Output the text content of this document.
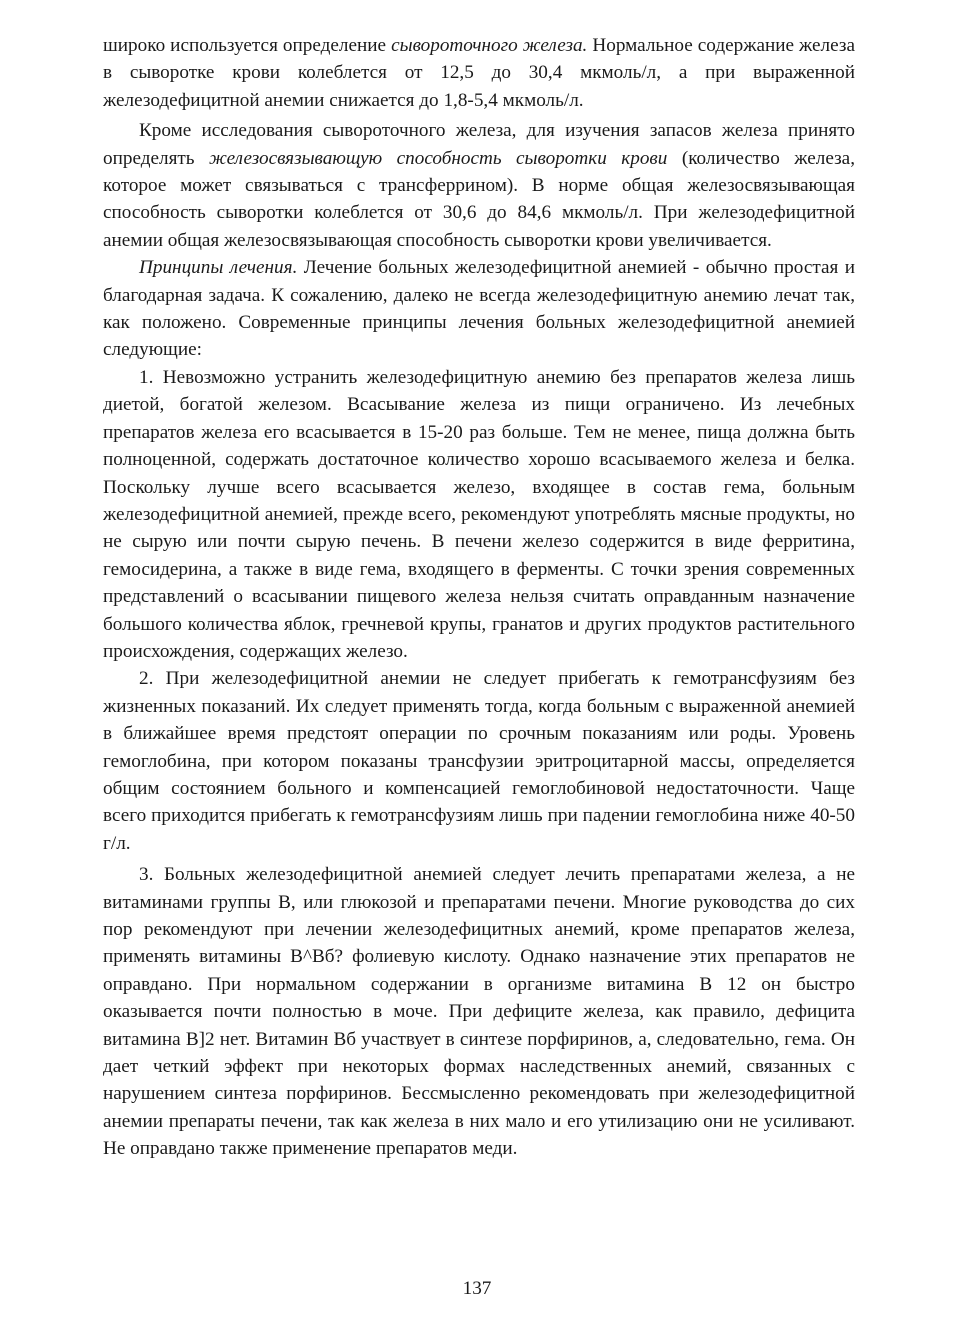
широко используется определение сывороточного железа. Нормальное содержание железа в сыворотке крови колеблется от 12,5 до 30,4 мкмоль/л, а при выраженной железодефицитной анемии снижается до 1,8-5,4 мкмоль/л.

Кроме исследования сывороточного железа, для изучения запасов железа принято определять железосвязывающую способность сыворотки крови (количество железа, которое может связываться с трансферрином). В норме общая железосвязывающая способность сыворотки колеблется от 30,6 до 84,6 мкмоль/л. При железодефицитной анемии общая железосвязывающая способность сыворотки крови увеличивается.

Принципы лечения. Лечение больных железодефицитной анемией - обычно простая и благодарная задача. К сожалению, далеко не всегда железодефицитную анемию лечат так, как положено. Современные принципы лечения больных железодефицитной анемией следующие:

1. Невозможно устранить железодефицитную анемию без препаратов железа лишь диетой, богатой железом. Всасывание железа из пищи ограничено. Из лечебных препаратов железа его всасывается в 15-20 раз больше. Тем не менее, пища должна быть полноценной, содержать достаточное количество хорошо всасываемого железа и белка. Поскольку лучше всего всасывается железо, входящее в состав гема, больным железодефицитной анемией, прежде всего, рекомендуют употреблять мясные продукты, но не сырую или почти сырую печень. В печени железо содержится в виде ферритина, гемосидерина, а также в виде гема, входящего в ферменты. С точки зрения современных представлений о всасывании пищевого железа нельзя считать оправданным назначение большого количества яблок, гречневой крупы, гранатов и других продуктов растительного происхождения, содержащих железо.

2. При железодефицитной анемии не следует прибегать к гемотрансфузиям без жизненных показаний. Их следует применять тогда, когда больным с выраженной анемией в ближайшее время предстоят операции по срочным показаниям или роды. Уровень гемоглобина, при котором показаны трансфузии эритроцитарной массы, определяется общим состоянием больного и компенсацией гемоглобиновой недостаточности. Чаще всего приходится прибегать к гемотрансфузиям лишь при падении гемоглобина ниже 40-50 г/л.

3. Больных железодефицитной анемией следует лечить препаратами железа, а не витаминами группы В, или глюкозой и препаратами печени. Многие руководства до сих пор рекомендуют при лечении железодефицитных анемий, кроме препаратов железа, применять витамины В^Вб? фолиевую кислоту. Однако назначение этих препаратов не оправдано. При нормальном содержании в организме витамина В 12 он быстро оказывается почти полностью в моче. При дефиците железа, как правило, дефицита витамина В]2 нет. Витамин Вб участвует в синтезе порфиринов, а, следовательно, гема. Он дает четкий эффект при некоторых формах наследственных анемий, связанных с нарушением синтеза порфиринов. Бессмысленно рекомендовать при железодефицитной анемии препараты печени, так как железа в них мало и его утилизацию они не усиливают. Не оправдано также применение препаратов меди.

137
